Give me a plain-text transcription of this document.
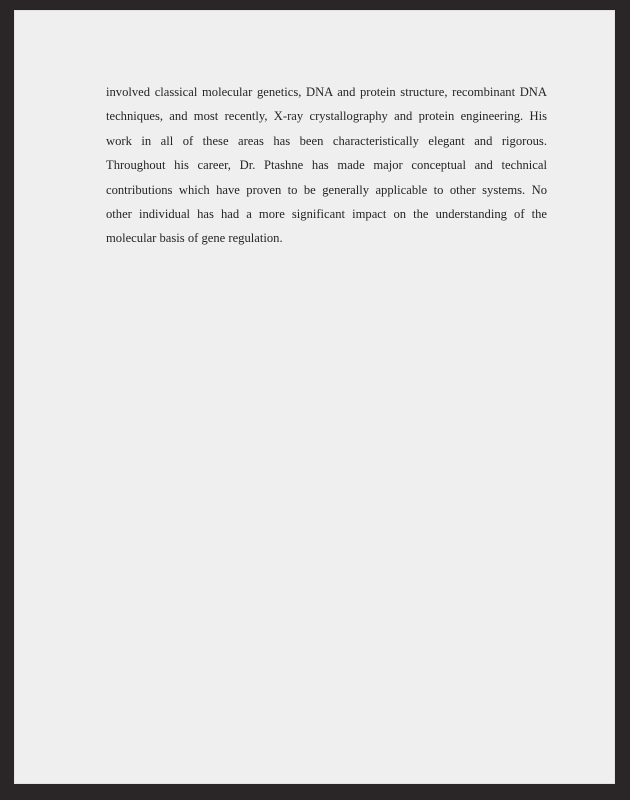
involved classical molecular genetics, DNA and protein structure, recombinant DNA
techniques, and most recently, X-ray crystallography and protein engineering. His
work in all of these areas has been characteristically elegant and rigorous.
Throughout his career, Dr. Ptashne has made major conceptual and technical
contributions which have proven to be generally applicable to other systems. No
other individual has had a more significant impact on the understanding of the
molecular basis of gene regulation.
